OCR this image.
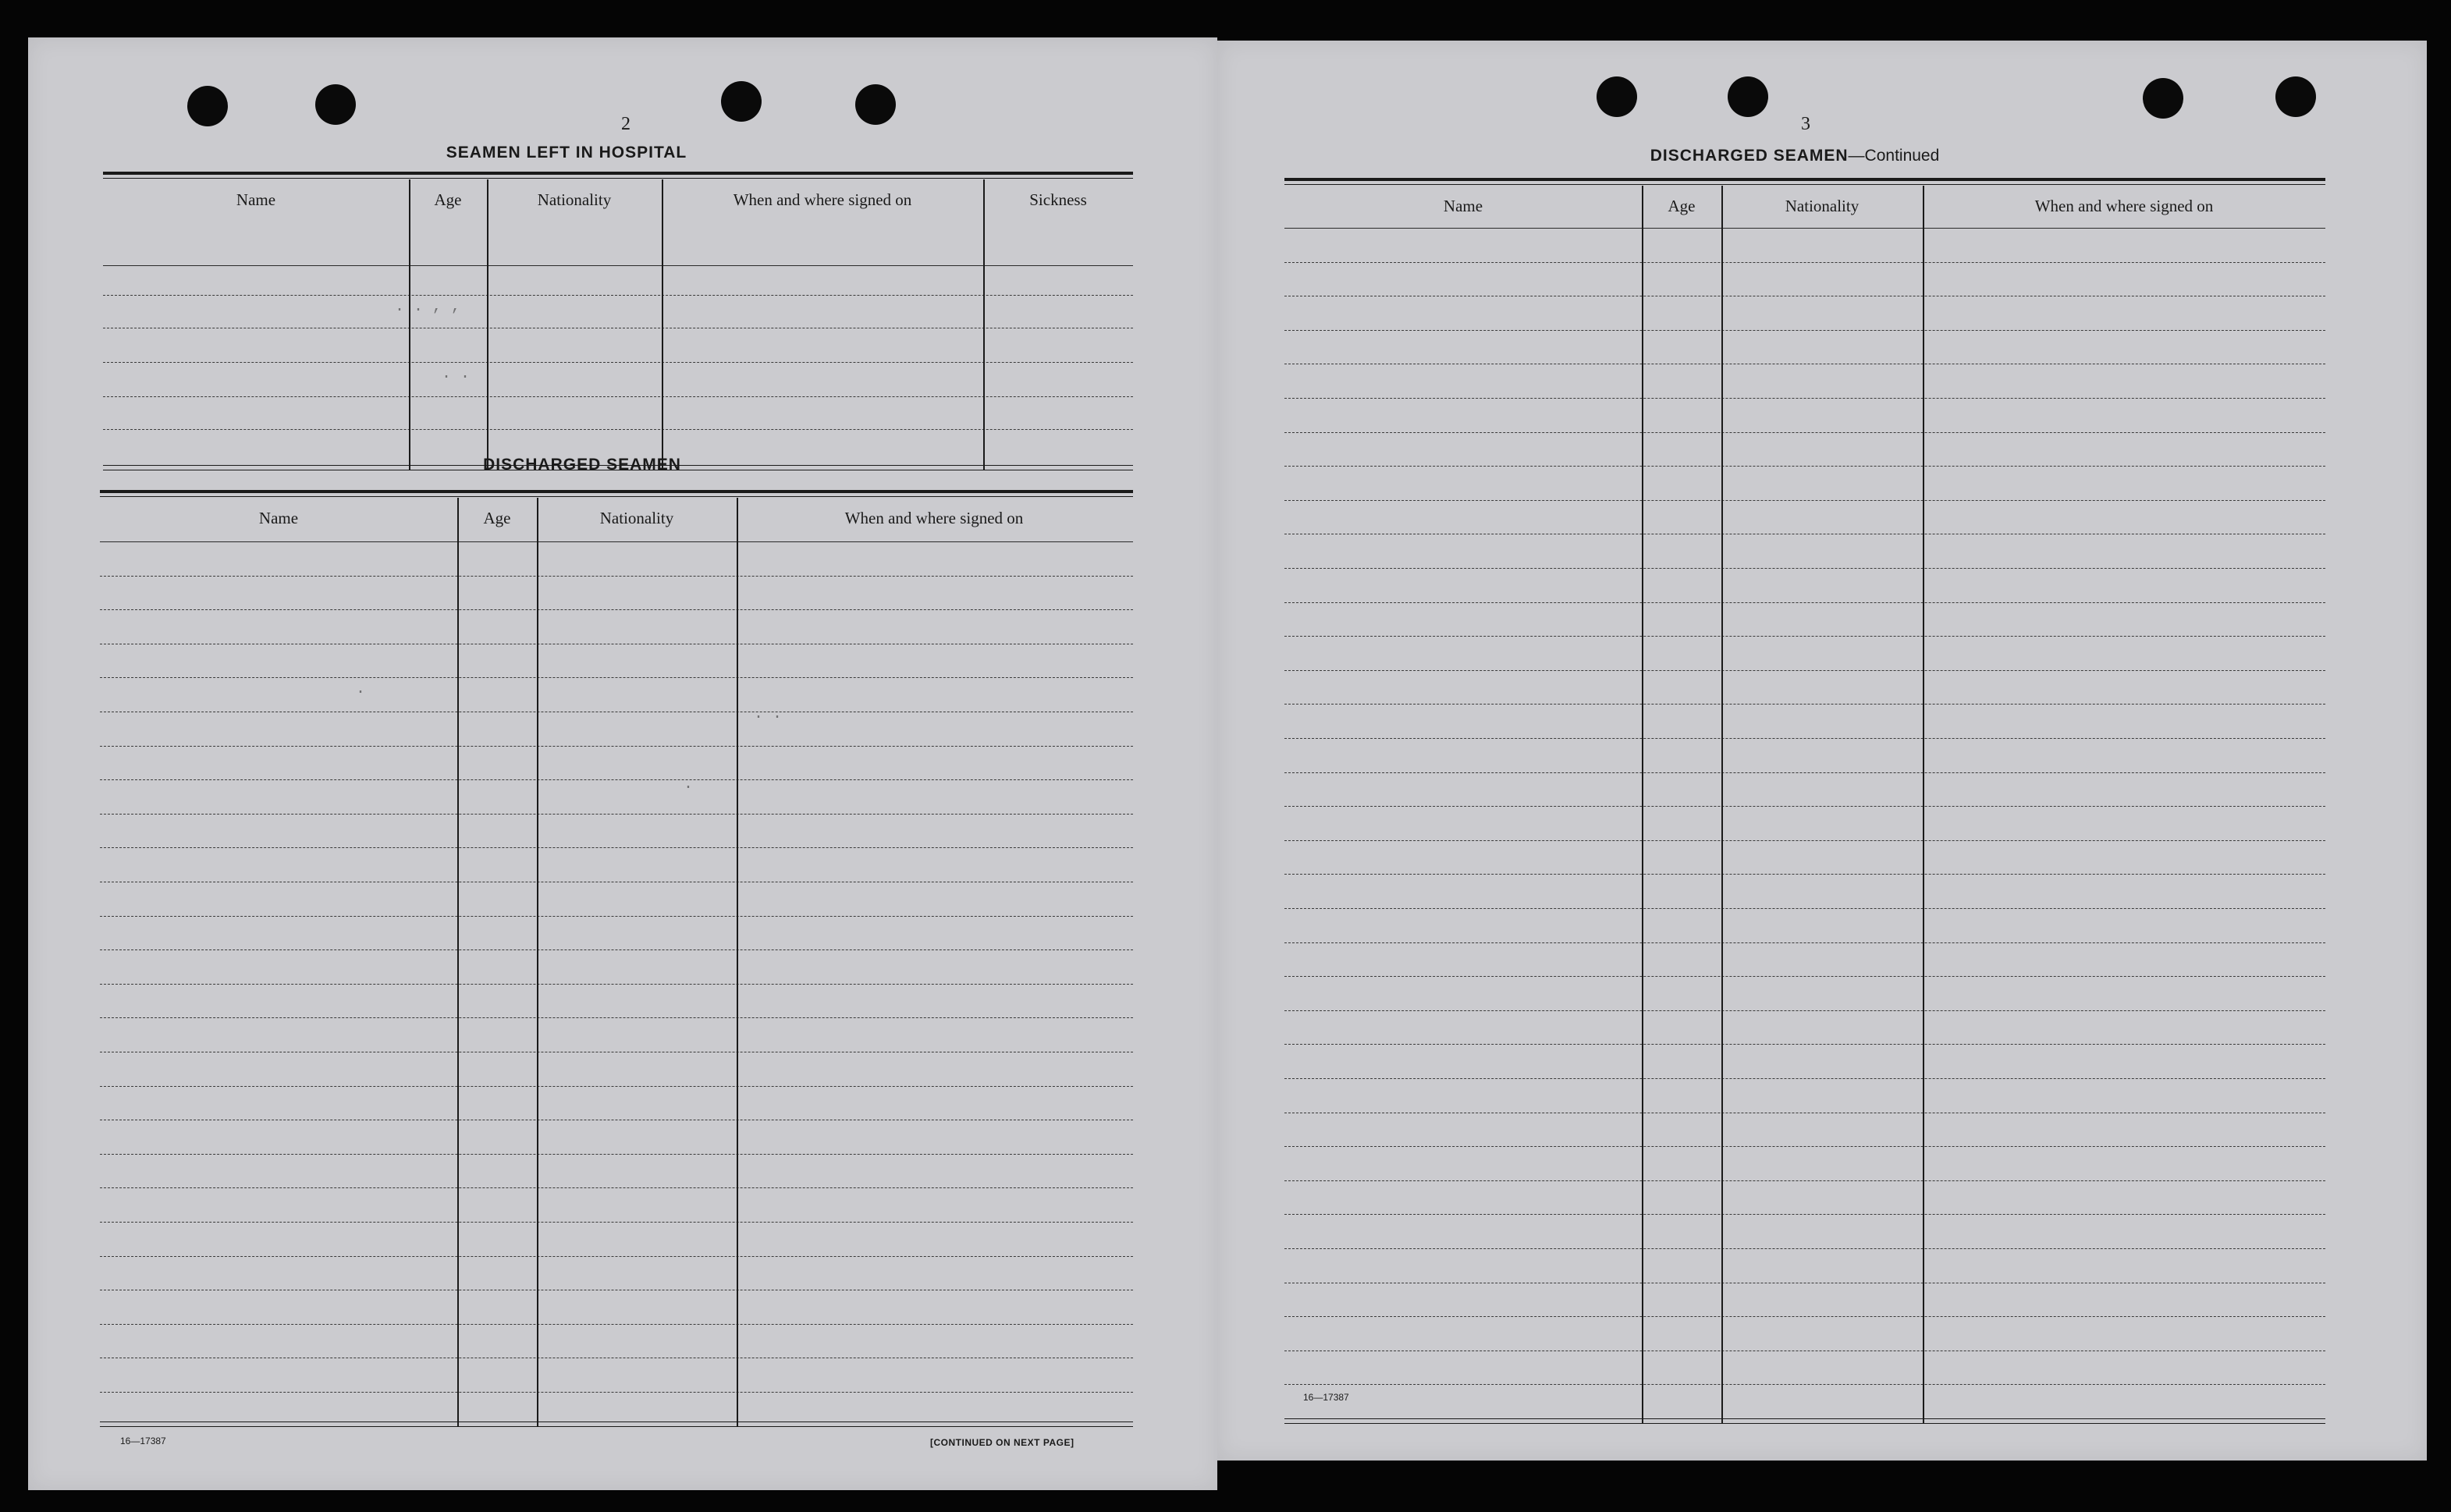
2
SEAMEN LEFT IN HOSPITAL
Name	Age	Nationality	When and where signed on	Sickness
. . , ,
. .
DISCHARGED SEAMEN
Name	Age	Nationality	When and where signed on
.
. .
.
16—17387	[CONTINUED ON NEXT PAGE]
3
DISCHARGED SEAMEN—Continued
Name	Age	Nationality	When and where signed on
16—17387
